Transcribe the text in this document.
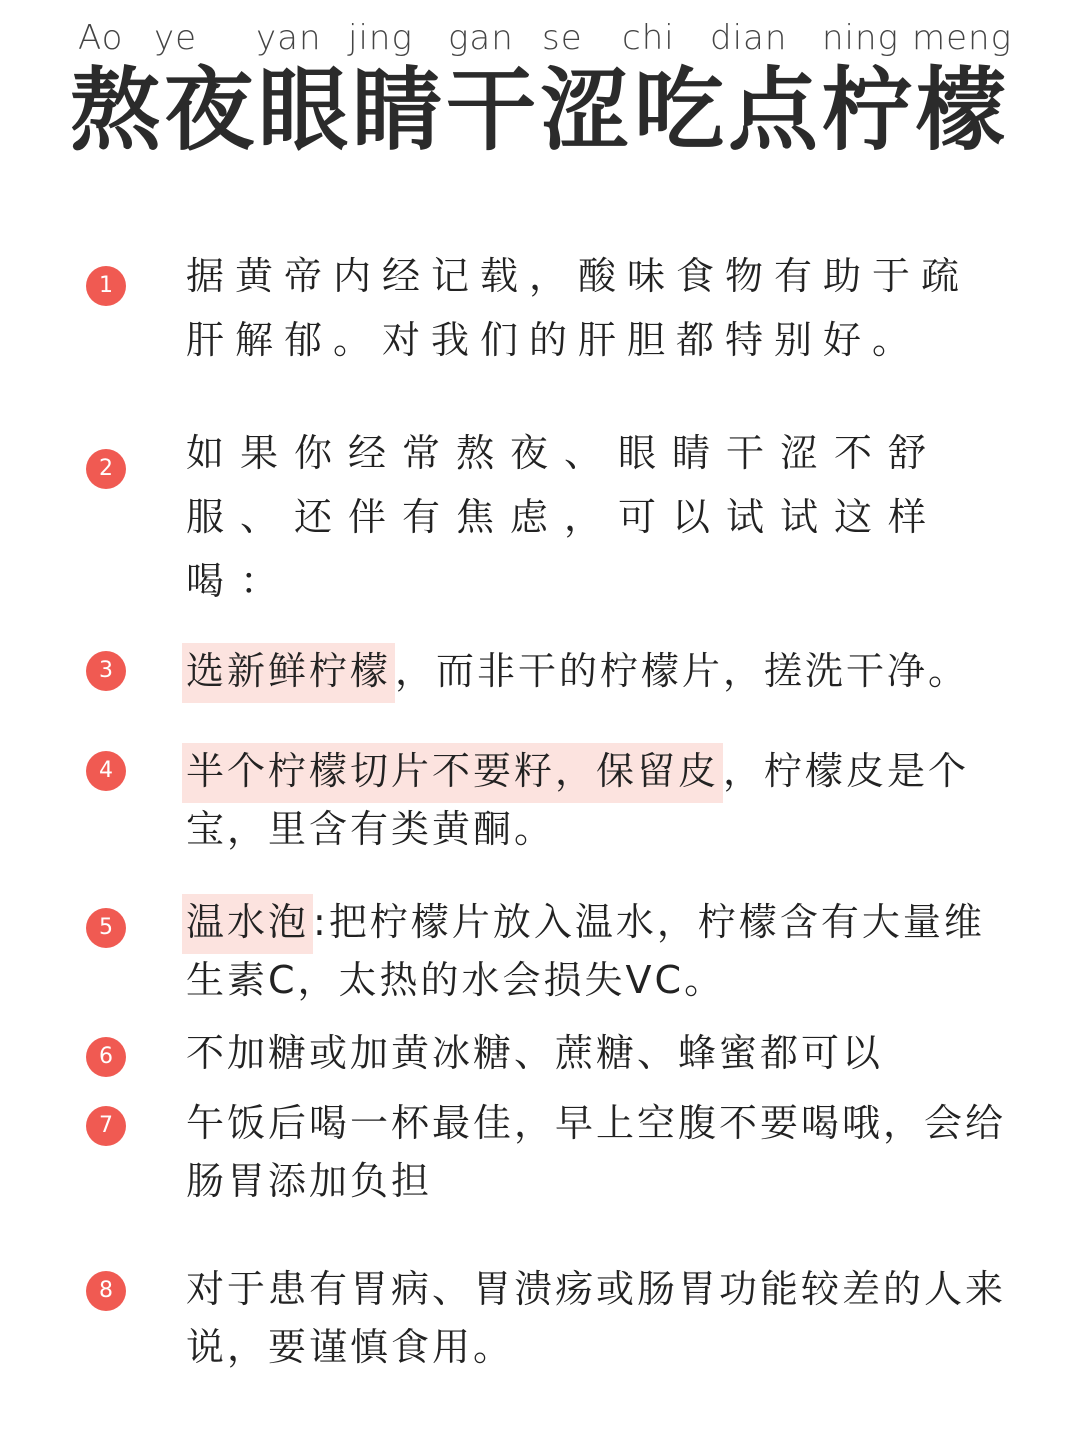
Ao ye yan jing gan se chi dian ning meng
熬夜眼睛干涩吃点柠檬
1	据黄帝内经记载，酸味食物有助于疏肝解郁。对我们的肝胆都特别好。
2	如果你经常熬夜、眼睛干涩不舒服、还伴有焦虑，可以试试这样喝：
3	选新鲜柠檬 ，而非干的柠檬片，搓洗干净。
4	半个柠檬切片不要籽，保留皮 ，柠檬皮是个宝，里含有类黄酮。
5	温水泡 :把柠檬片放入温水，柠檬含有大量维生素C，太热的水会损失VC。
6	不加糖或加黄冰糖、蔗糖、蜂蜜都可以
7	午饭后喝一杯最佳，早上空腹不要喝哦，会给肠胃添加负担
8	对于患有胃病、胃溃疡或肠胃功能较差的人来说，要谨慎食用。
